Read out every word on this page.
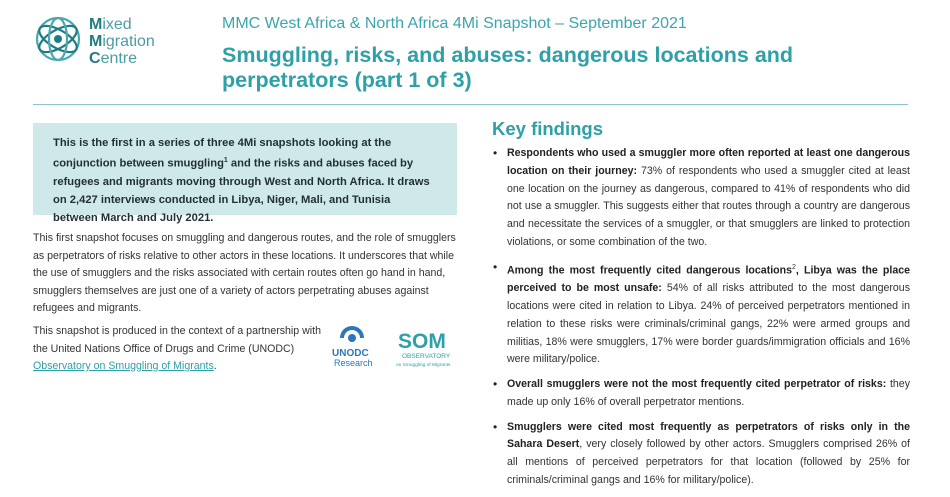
Mixed
Migration
Centre
MMC West Africa & North Africa 4Mi Snapshot – September 2021
Smuggling, risks, and abuses: dangerous locations and perpetrators (part 1 of 3)

This is the first in a series of three 4Mi snapshots looking at the conjunction between smuggling$^1$ and the risks and abuses faced by refugees and migrants moving through West and North Africa. It draws on 2,427 interviews conducted in Libya, Niger, Mali, and Tunisia between March and July 2021.

This first snapshot focuses on smuggling and dangerous routes, and the role of smugglers as perpetrators of risks relative to other actors in these locations. It underscores that while the use of smugglers and the risks associated with certain routes often go hand in hand, smugglers themselves are just one of a variety of actors perpetrating abuses against refugees and migrants.

This snapshot is produced in the context of a partnership with the United Nations Office of Drugs and Crime (UNODC) Observatory on Smuggling of Migrants.

UNODC
Research
SOM
OBSERVATORY
on Smuggling of Migrants
Key findings
• Respondents who used a smuggler more often reported at least one dangerous location on their journey: 73% of respondents who used a smuggler cited at least one location on the journey as dangerous, compared to 41% of respondents who did not use a smuggler. This suggests either that routes through a country are dangerous and necessitate the services of a smuggler, or that smugglers are linked to protection violations, or some combination of the two.
• Among the most frequently cited dangerous locations$^2$, Libya was the place perceived to be most unsafe: 54% of all risks attributed to the most dangerous locations were cited in relation to Libya. 24% of perceived perpetrators mentioned in relation to these risks were criminals/criminal gangs, 22% were armed groups and militias, 18% were smugglers, 17% were border guards/immigration officials and 16% were military/police.
• Overall smugglers were not the most frequently cited perpetrator of risks: they made up only 16% of overall perpetrator mentions.
• Smugglers were cited most frequently as perpetrators of risks only in the Sahara Desert, very closely followed by other actors. Smugglers comprised 26% of all mentions of perceived perpetrators for that location (followed by 25% for criminals/criminal gangs and 16% for military/police).
